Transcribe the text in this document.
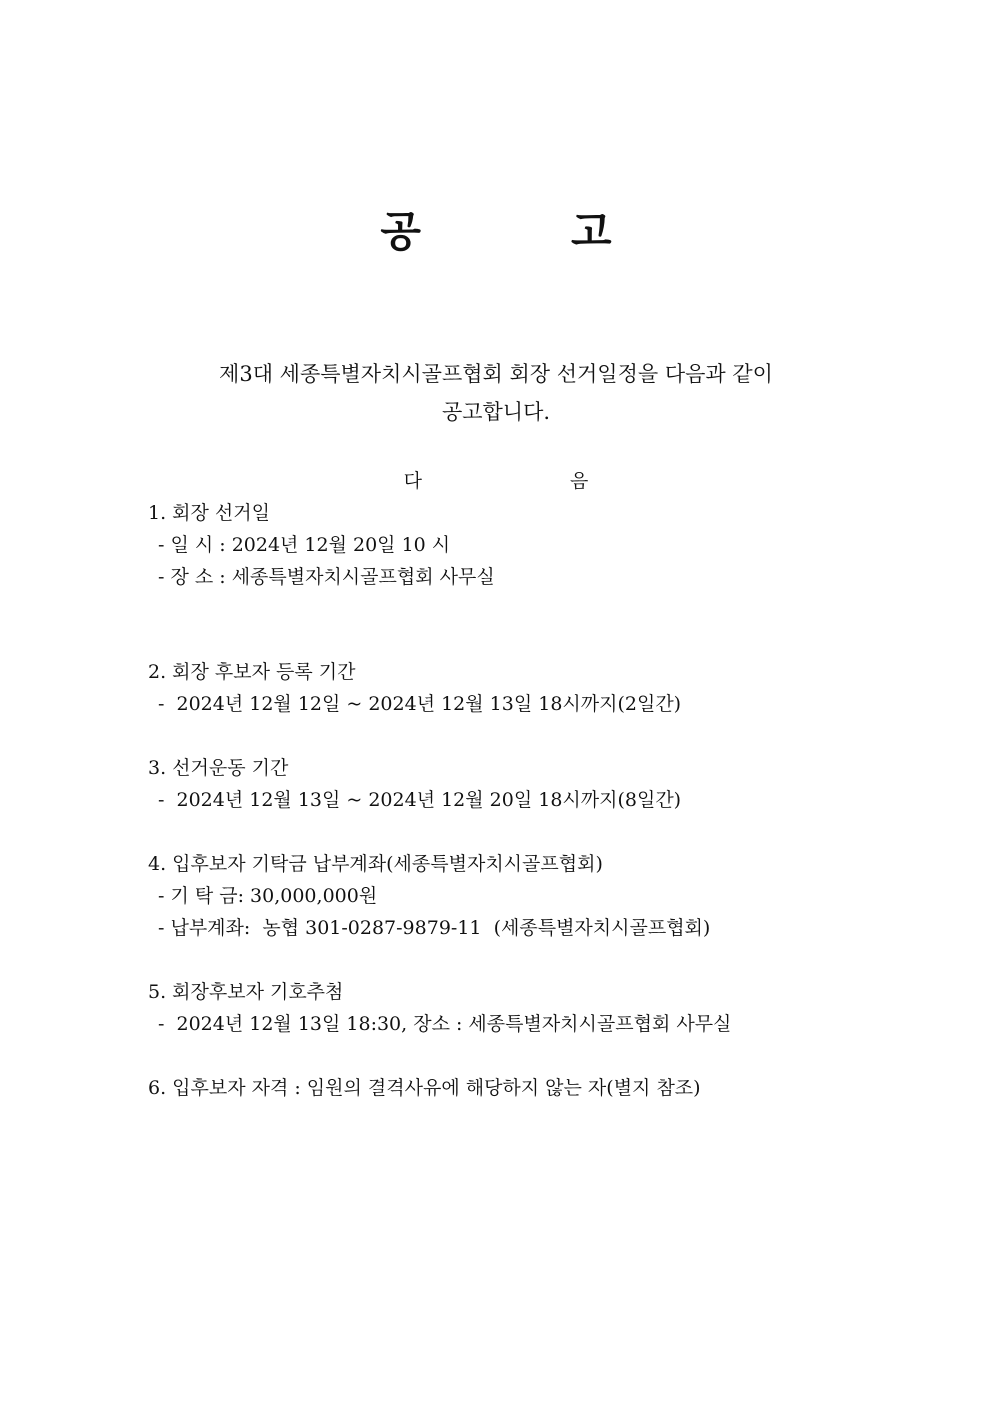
공	고
제3대 세종특별자치시골프협회 회장 선거일정을 다음과 같이
공고합니다.
다	음
1. 회장 선거일
- 일 시 : 2024년 12월 20일 10 시
- 장 소 : 세종특별자치시골프협회 사무실
2. 회장 후보자 등록 기간
-  2024년 12월 12일 ~ 2024년 12월 13일 18시까지(2일간)
3. 선거운동 기간
-  2024년 12월 13일 ~ 2024년 12월 20일 18시까지(8일간)
4. 입후보자 기탁금 납부계좌(세종특별자치시골프협회)
- 기 탁 금: 30,000,000원
- 납부계좌:  농협 301-0287-9879-11  (세종특별자치시골프협회)
5. 회장후보자 기호추첨
-  2024년 12월 13일 18:30, 장소 : 세종특별자치시골프협회 사무실
6. 입후보자 자격 : 임원의 결격사유에 해당하지 않는 자(별지 참조)
